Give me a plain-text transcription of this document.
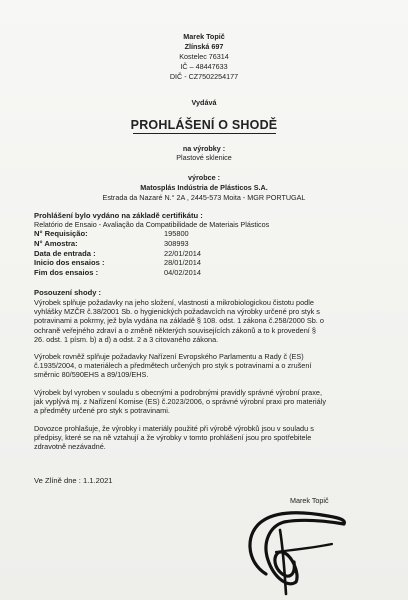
Marek Topič
Zlínská 697
Kostelec 76314
IČ – 48447633
DIČ - CZ7502254177
Vydává
PROHLÁŠENÍ O SHODĚ
na výrobky :
Plastové sklenice
výrobce :
Matosplás Indústria de Plásticos S.A.
Estrada da Nazaré N.° 2A , 2445-573 Moita - MGR PORTUGAL
Prohlášení bylo vydáno na základě certifikátu :
Relatório de Ensaio - Avaliação da Compatibilidade de Materiais Plásticos
N° Requisição:	195800
N° Amostra:	308993
Data de entrada :	22/01/2014
Inicio dos ensaios :	28/01/2014
Fim dos ensaios :	04/02/2014
Posouzení shody :
Výrobek splňuje požadavky na jeho složení, vlastnosti a mikrobiologickou čistotu podle
vyhlášky MZČR č.38/2001 Sb. o hygienických požadavcích na výrobky určené pro styk s
potravinami a pokrmy, jež byla vydána na základě § 108. odst. 1 zákona č.258/2000 Sb. o
ochraně veřejného zdraví a o změně některých souvisejících zákonů a to k provedení §
26. odst. 1 písm. b) a d) a odst. 2 a 3 citovaného zákona.
Výrobek rovněž splňuje požadavky Nařízení Evropského Parlamentu a Rady č (ES)
č.1935/2004, o materiálech a předmětech určených pro styk s potravinami a o zrušení
směrnic 80/590EHS a 89/109/EHS.
Výrobek byl vyroben v souladu s obecnými a podrobnými pravidly správné výrobní praxe,
jak vyplývá mj. z Nařízení Komise (ES) č.2023/2006, o správné výrobní praxi pro materiály
a předměty určené pro styk s potravinami.
Dovozce prohlašuje, že výrobky i materiály použité při výrobě výrobků jsou v souladu s
předpisy, které se na ně vztahují a že výrobky v tomto prohlášení jsou pro spotřebitele
zdravotně nezávadné.
Ve Zlíně dne : 1.1.2021
Marek Topič
